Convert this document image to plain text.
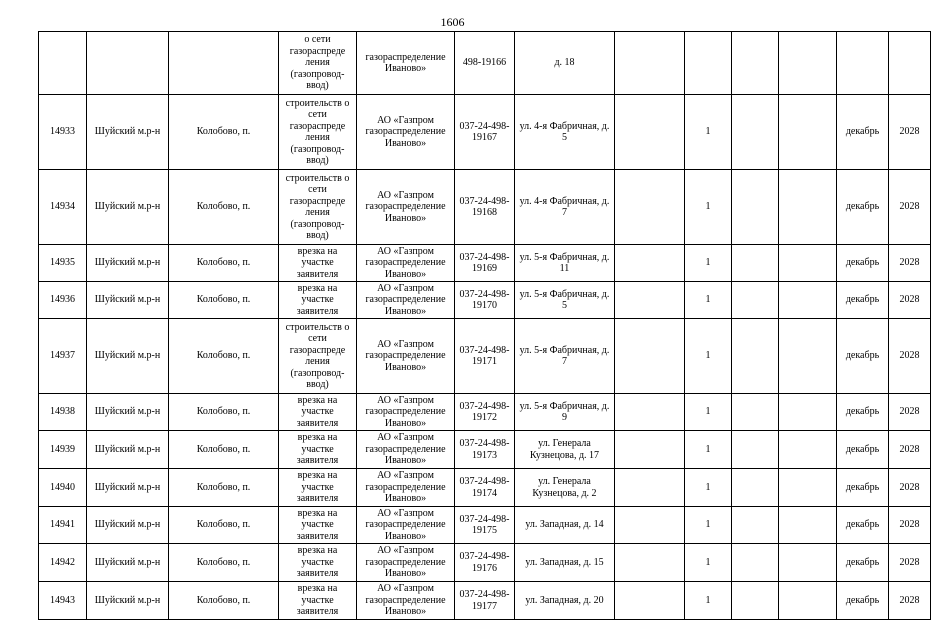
1606
			о сети газораспреде ления (газопровод-ввод)	газораспределение Иваново»	498-19166	д. 18						
14933	Шуйский м.р-н	Колобово, п.	строительств о сети газораспреде ления (газопровод-ввод)	АО «Газпром газораспределение Иваново»	037-24-498-19167	ул. 4-я Фабричная, д. 5		1			декабрь	2028
14934	Шуйский м.р-н	Колобово, п.	строительств о сети газораспреде ления (газопровод-ввод)	АО «Газпром газораспределение Иваново»	037-24-498-19168	ул. 4-я Фабричная, д. 7		1			декабрь	2028
14935	Шуйский м.р-н	Колобово, п.	врезка на участке заявителя	АО «Газпром газораспределение Иваново»	037-24-498-19169	ул. 5-я Фабричная, д. 11		1			декабрь	2028
14936	Шуйский м.р-н	Колобово, п.	врезка на участке заявителя	АО «Газпром газораспределение Иваново»	037-24-498-19170	ул. 5-я Фабричная, д. 5		1			декабрь	2028
14937	Шуйский м.р-н	Колобово, п.	строительств о сети газораспреде ления (газопровод-ввод)	АО «Газпром газораспределение Иваново»	037-24-498-19171	ул. 5-я Фабричная, д. 7		1			декабрь	2028
14938	Шуйский м.р-н	Колобово, п.	врезка на участке заявителя	АО «Газпром газораспределение Иваново»	037-24-498-19172	ул. 5-я Фабричная, д. 9		1			декабрь	2028
14939	Шуйский м.р-н	Колобово, п.	врезка на участке заявителя	АО «Газпром газораспределение Иваново»	037-24-498-19173	ул. Генерала Кузнецова, д. 17		1			декабрь	2028
14940	Шуйский м.р-н	Колобово, п.	врезка на участке заявителя	АО «Газпром газораспределение Иваново»	037-24-498-19174	ул. Генерала Кузнецова, д. 2		1			декабрь	2028
14941	Шуйский м.р-н	Колобово, п.	врезка на участке заявителя	АО «Газпром газораспределение Иваново»	037-24-498-19175	ул. Западная, д. 14		1			декабрь	2028
14942	Шуйский м.р-н	Колобово, п.	врезка на участке заявителя	АО «Газпром газораспределение Иваново»	037-24-498-19176	ул. Западная, д. 15		1			декабрь	2028
14943	Шуйский м.р-н	Колобово, п.	врезка на участке заявителя	АО «Газпром газораспределение Иваново»	037-24-498-19177	ул. Западная, д. 20		1			декабрь	2028
